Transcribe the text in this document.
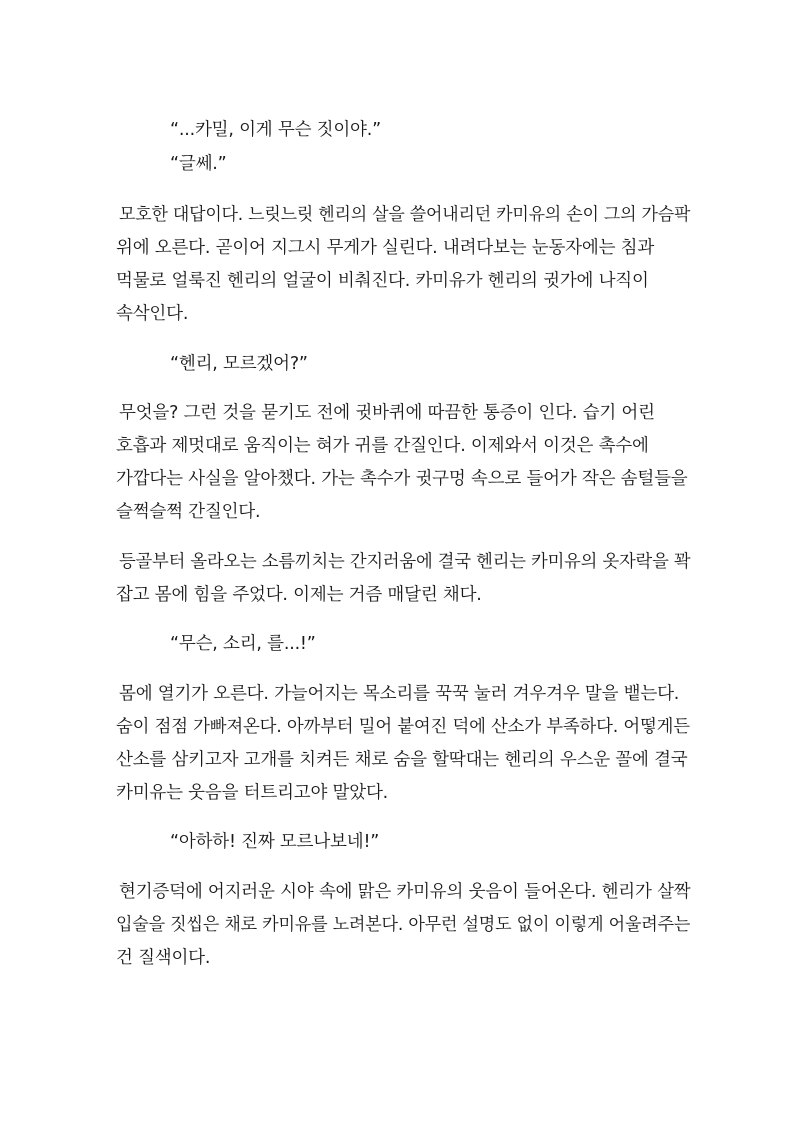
“...카밀, 이게 무슨 짓이야.”

“글쎄.”

모호한 대답이다. 느릿느릿 헨리의 살을 쓸어내리던 카미유의 손이 그의 가슴팍

위에 오른다. 곧이어 지그시 무게가 실린다. 내려다보는 눈동자에는 침과

먹물로 얼룩진 헨리의 얼굴이 비춰진다. 카미유가 헨리의 귓가에 나직이

속삭인다.

“헨리, 모르겠어?”

무엇을? 그런 것을 묻기도 전에 귓바퀴에 따끔한 통증이 인다. 습기 어린

호흡과 제멋대로 움직이는 혀가 귀를 간질인다. 이제와서 이것은 촉수에

가깝다는 사실을 알아챘다. 가는 촉수가 귓구멍 속으로 들어가 작은 솜털들을

슬쩍슬쩍 간질인다.

등골부터 올라오는 소름끼치는 간지러움에 결국 헨리는 카미유의 옷자락을 꽉

잡고 몸에 힘을 주었다. 이제는 거즘 매달린 채다.

“무슨, 소리, 를...!”

몸에 열기가 오른다. 가늘어지는 목소리를 꾹꾹 눌러 겨우겨우 말을 뱉는다.

숨이 점점 가빠져온다. 아까부터 밀어 붙여진 덕에 산소가 부족하다. 어떻게든

산소를 삼키고자 고개를 치켜든 채로 숨을 할딱대는 헨리의 우스운 꼴에 결국

카미유는 웃음을 터트리고야 말았다.

“아하하! 진짜 모르나보네!”

현기증덕에 어지러운 시야 속에 맑은 카미유의 웃음이 들어온다. 헨리가 살짝

입술을 짓씹은 채로 카미유를 노려본다. 아무런 설명도 없이 이렇게 어울려주는

건 질색이다.
